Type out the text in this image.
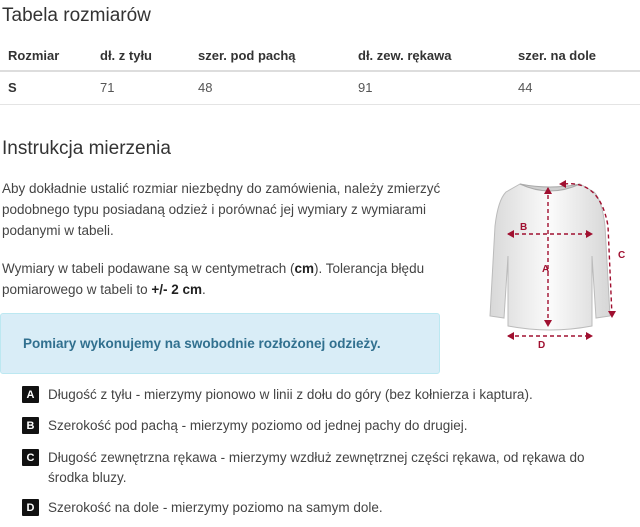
Tabela rozmiarów
Rozmiar	dł. z tyłu	szer. pod pachą	dł. zew. rękawa	szer. na dole
S	71	48	91	44
Instrukcja mierzenia

Aby dokładnie ustalić rozmiar niezbędny do zamówienia, należy zmierzyć podobnego typu posiadaną odzież i porównać jej wymiary z wymiarami podanymi w tabeli.

Wymiary w tabeli podawane są w centymetrach (cm). Tolerancja błędu pomiarowego w tabeli to +/- 2 cm.

Pomiary wykonujemy na swobodnie rozłożonej odzieży.
A
B
C
D
A	Długość z tyłu - mierzymy pionowo w linii z dołu do góry (bez kołnierza i kaptura).
B	Szerokość pod pachą - mierzymy poziomo od jednej pachy do drugiej.
C	Długość zewnętrzna rękawa - mierzymy wzdłuż zewnętrznej części rękawa, od rękawa do środka bluzy.
D	Szerokość na dole - mierzymy poziomo na samym dole.
